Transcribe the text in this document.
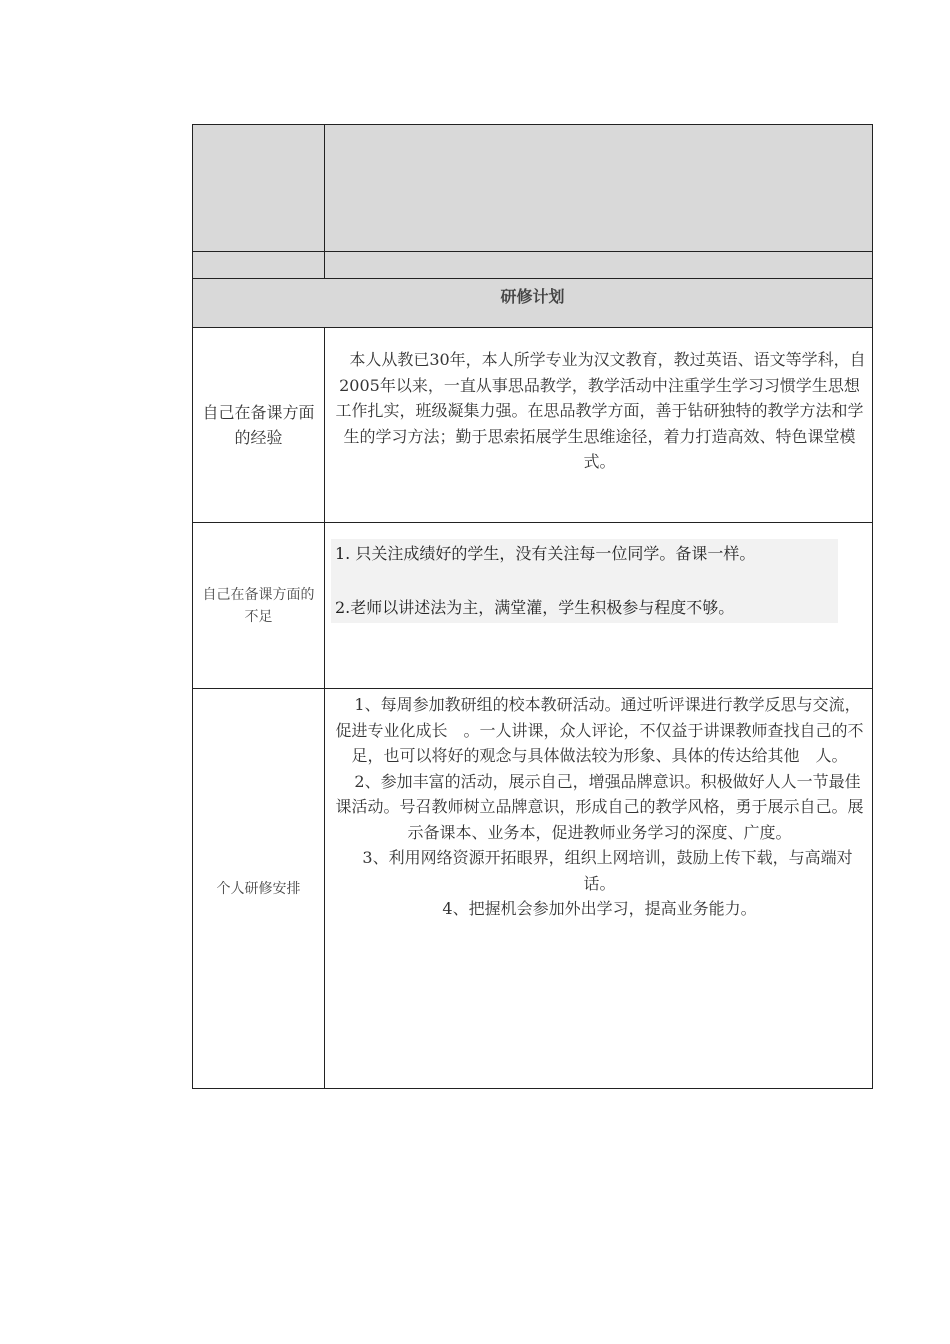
研修计划
自己在备课方面的经验
　本人从教已30年，本人所学专业为汉文教育，教过英语、语文等学科，自2005年以来，一直从事思品教学，教学活动中注重学生学习习惯学生思想工作扎实，班级凝集力强。在思品教学方面，善于钻研独特的教学方法和学生的学习方法；勤于思索拓展学生思维途径，着力打造高效、特色课堂模式。
自己在备课方面的不足

1. 只关注成绩好的学生，没有关注每一位同学。备课一样。

2.老师以讲述法为主，满堂灌，学生积极参与程度不够。

个人研修安排

　1、每周参加教研组的校本教研活动。通过听评课进行教学反思与交流，促进专业化成长　。一人讲课，众人评论，不仅益于讲课教师查找自己的不足，也可以将好的观念与具体做法较为形象、具体的传达给其他　人。

　2、参加丰富的活动，展示自己，增强品牌意识。积极做好人人一节最佳课活动。号召教师树立品牌意识，形成自己的教学风格，勇于展示自己。展示备课本、业务本，促进教师业务学习的深度、广度。

　3、利用网络资源开拓眼界，组织上网培训，鼓励上传下载，与高端对话。

4、把握机会参加外出学习，提高业务能力。
